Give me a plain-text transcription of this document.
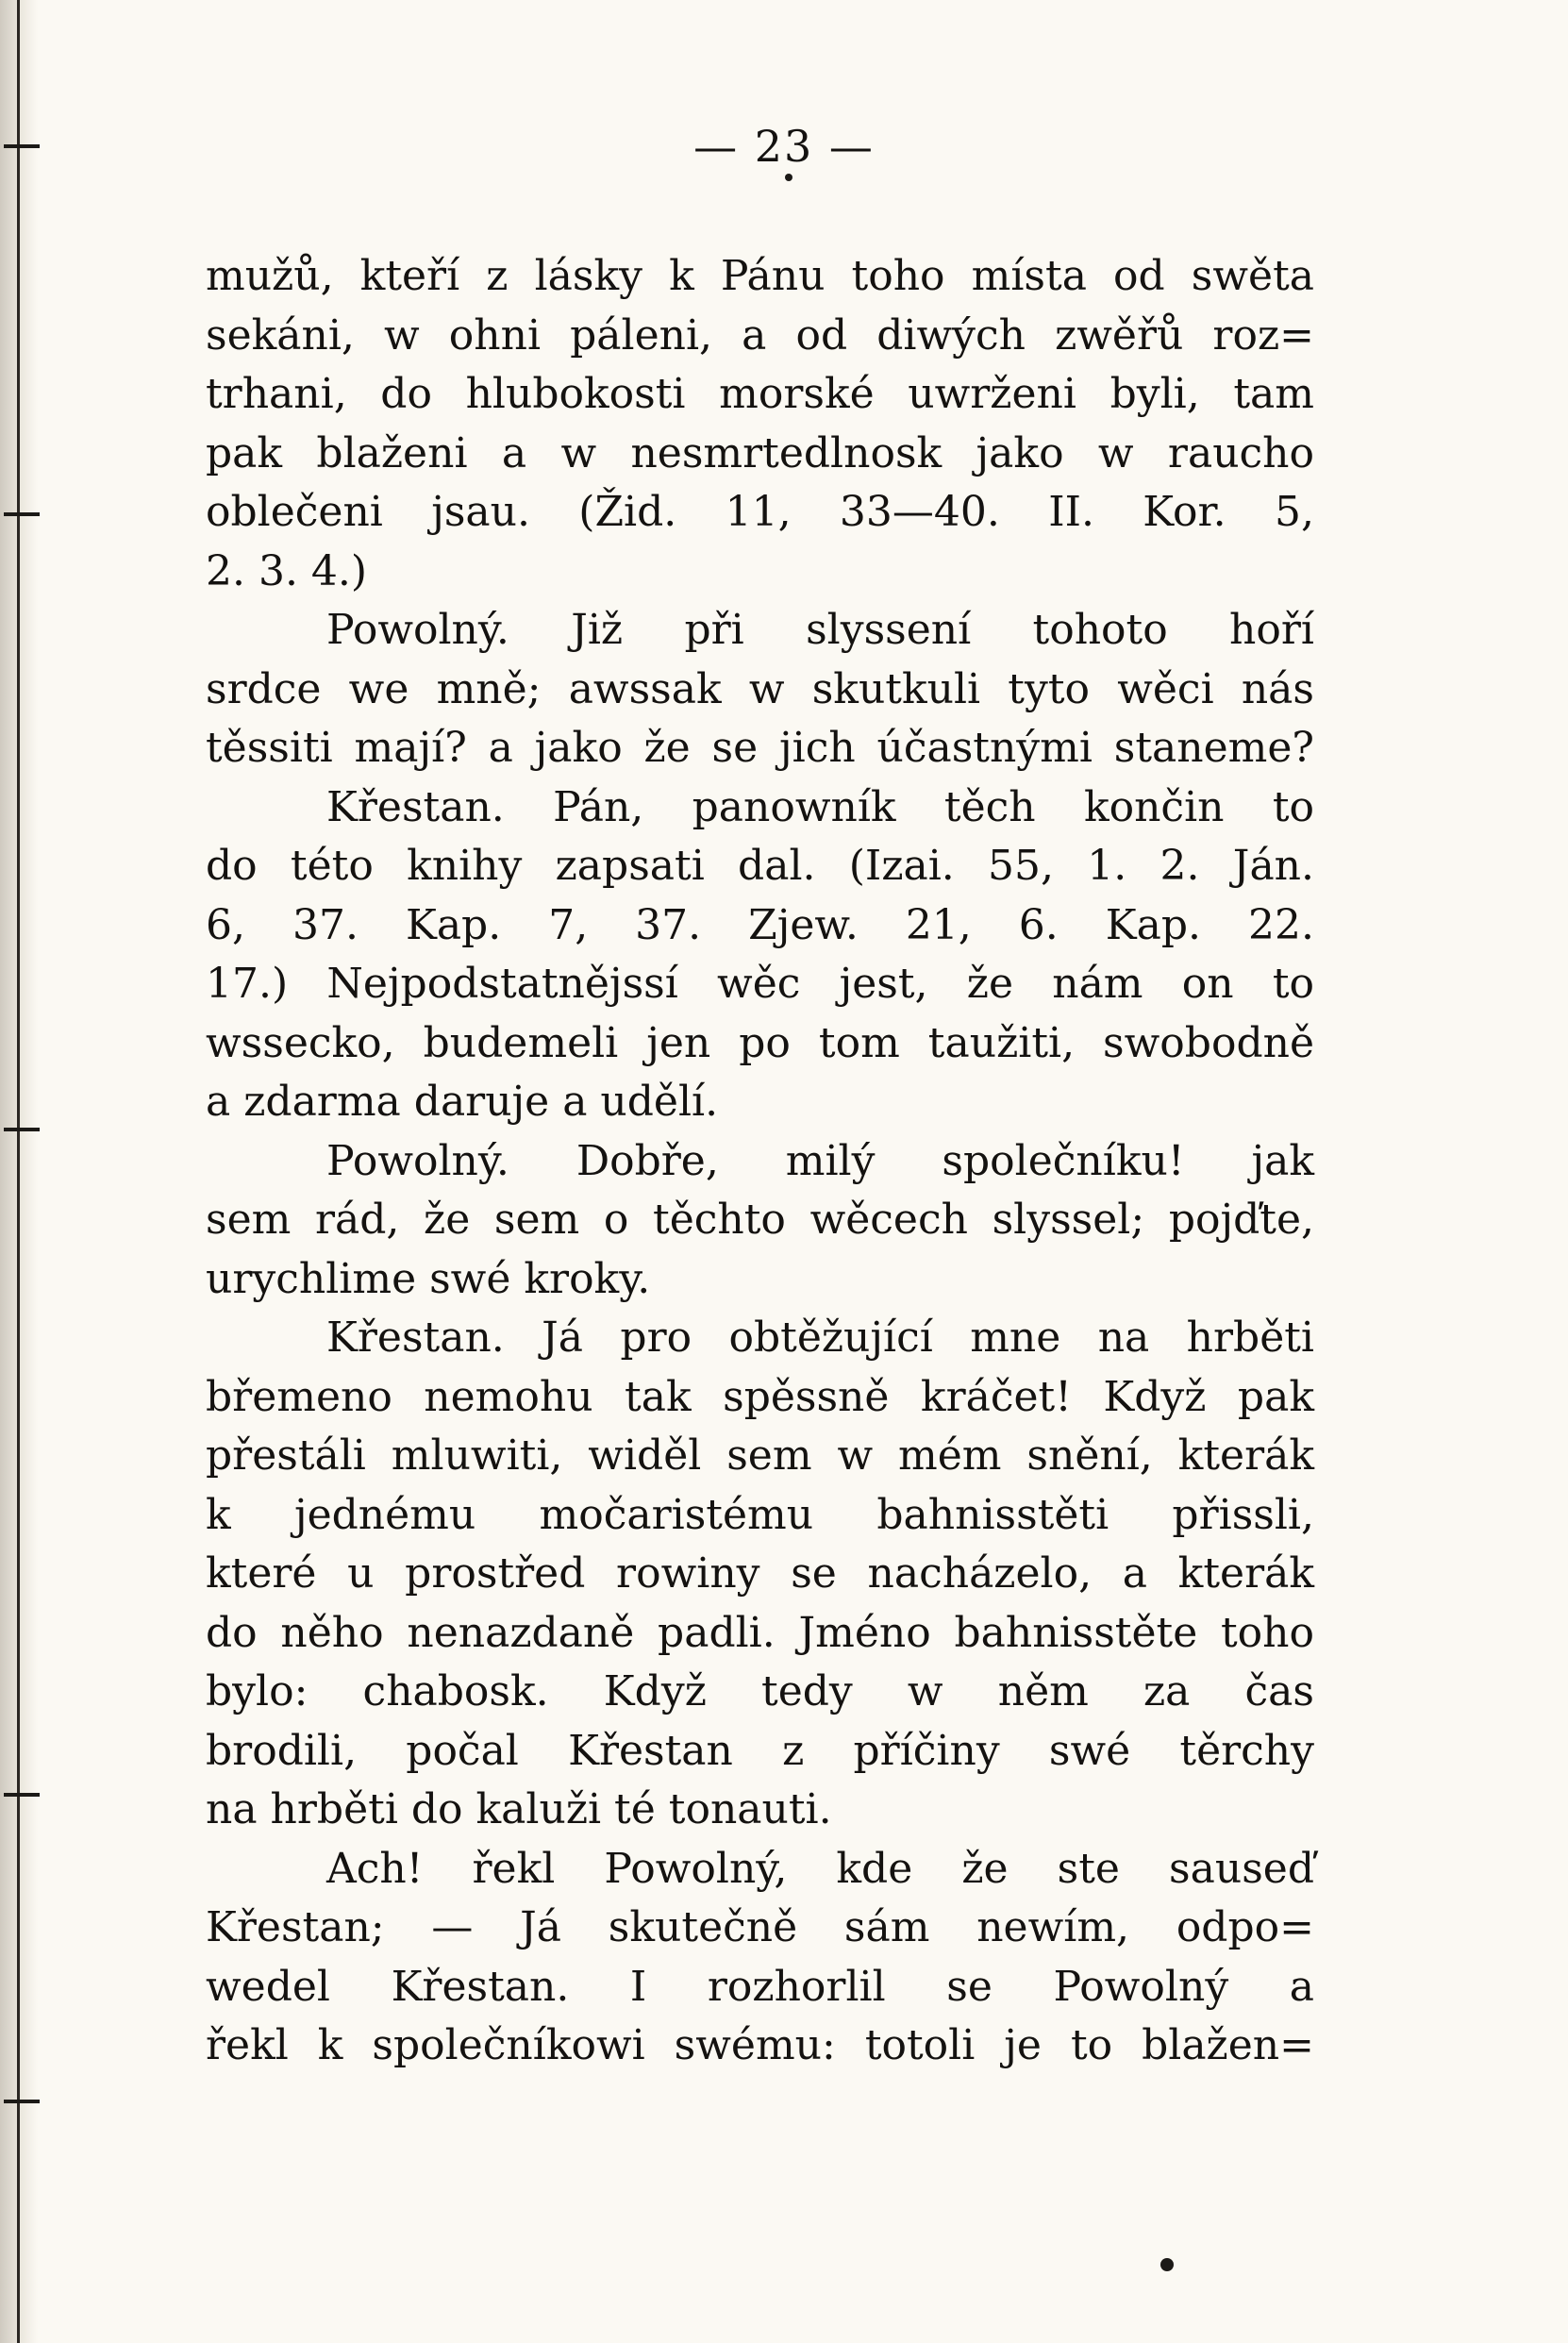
— 23 —
mužů, kteří z lásky k Pánu toho místa od swěta
sekáni, w ohni páleni, a od diwých zwěřů roz=
trhani, do hlubokosti morské uwrženi byli, tam
pak blaženi a w nesmrtedlnosk jako w raucho
oblečeni jsau. (Žid. 11, 33—40. II. Kor. 5,
2. 3. 4.)
Powolný. Již při slyssení tohoto hoří
srdce we mně; awssak w skutkuli tyto wěci nás
těssiti mají? a jako že se jich účastnými staneme?
Křestan. Pán, panowník těch končin to
do této knihy zapsati dal. (Izai. 55, 1. 2. Ján.
6, 37. Kap. 7, 37. Zjew. 21, 6. Kap. 22.
17.) Nejpodstatnějssí wěc jest, že nám on to
wssecko, budemeli jen po tom taužiti, swobodně
a zdarma daruje a udělí.
Powolný. Dobře, milý společníku! jak
sem rád, že sem o těchto wěcech slyssel; pojďte,
urychlime swé kroky.
Křestan. Já pro obtěžující mne na hrběti
břemeno nemohu tak spěssně kráčet! Když pak
přestáli mluwiti, widěl sem w mém snění, kterák
k jednému močaristému bahnisstěti přissli,
které u prostřed rowiny se nacházelo, a kterák
do něho nenazdaně padli. Jméno bahnisstěte toho
bylo: chabosk. Když tedy w něm za čas
brodili, počal Křestan z příčiny swé těrchy
na hrběti do kaluži té tonauti.
Ach! řekl Powolný, kde že ste sauseď
Křestan; — Já skutečně sám newím, odpo=
wedel Křestan. I rozhorlil se Powolný a
řekl k společníkowi swému: totoli je to blažen=
